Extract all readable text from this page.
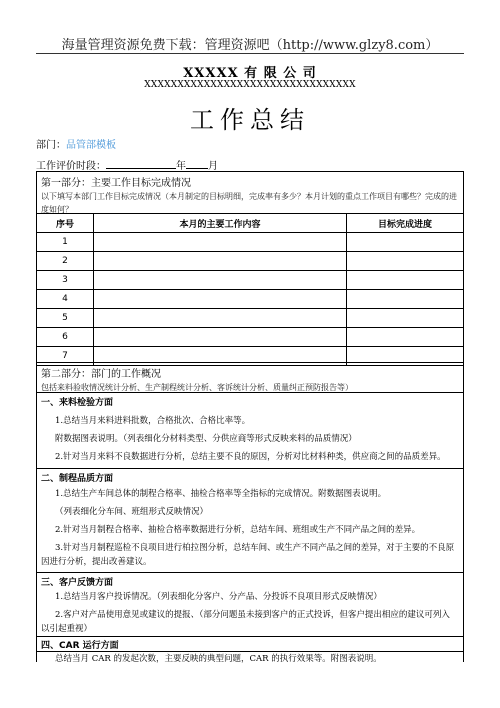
海量管理资源免费下载：管理资源吧（http://www.glzy8.com）
XXXXX 有 限 公 司
XXXXXXXXXXXXXXXXXXXXXXXXXXXXXXXX
工作总结
部门：品管部模板
工作评价时段：	年 月
第一部分：主要工作目标完成情况
以下填写本部门工作目标完成情况（本月制定的目标明细，完成率有多少？本月计划的重点工作项目有哪些？完成的进度如何？
序号	本月的主要工作内容	目标完成进度
1		
2		
3		
4		
5		
6		
7		
第二部分：部门的工作概况
包括来料验收情况统计分析、生产制程统计分析、客诉统计分析、质量纠正预防报告等）
一、来料检验方面
1.总结当月来料进料批数，合格批次、合格比率等。
附数据图表说明。（列表细化分材料类型、分供应商等形式反映来料的品质情况）
2.针对当月来料不良数据进行分析，总结主要不良的原因，分析对比材料种类，供应商之间的品质差异。
二、制程品质方面
1.总结生产车间总体的制程合格率、抽检合格率等全指标的完成情况。附数据图表说明。
（列表细化分车间、班组形式反映情况）
2.针对当月制程合格率、抽检合格率数据进行分析，总结车间、班组或生产不同产品之间的差异。
3.针对当月制程巡检不良项目进行柏拉图分析，总结车间、或生产不同产品之间的差异，对于主要的不良原
因进行分析，提出改善建议。
三、客户反馈方面
1.总结当月客户投诉情况。（列表细化分客户、分产品、分投诉不良项目形式反映情况）
2.客户对产品使用意见或建议的提报、（部分问题虽未接到客户的正式投诉，但客户提出相应的建议可列入
以引起重视）
四、CAR 运行方面
总结当月 CAR 的发起次数，主要反映的典型问题，CAR 的执行效果等。附图表说明。
